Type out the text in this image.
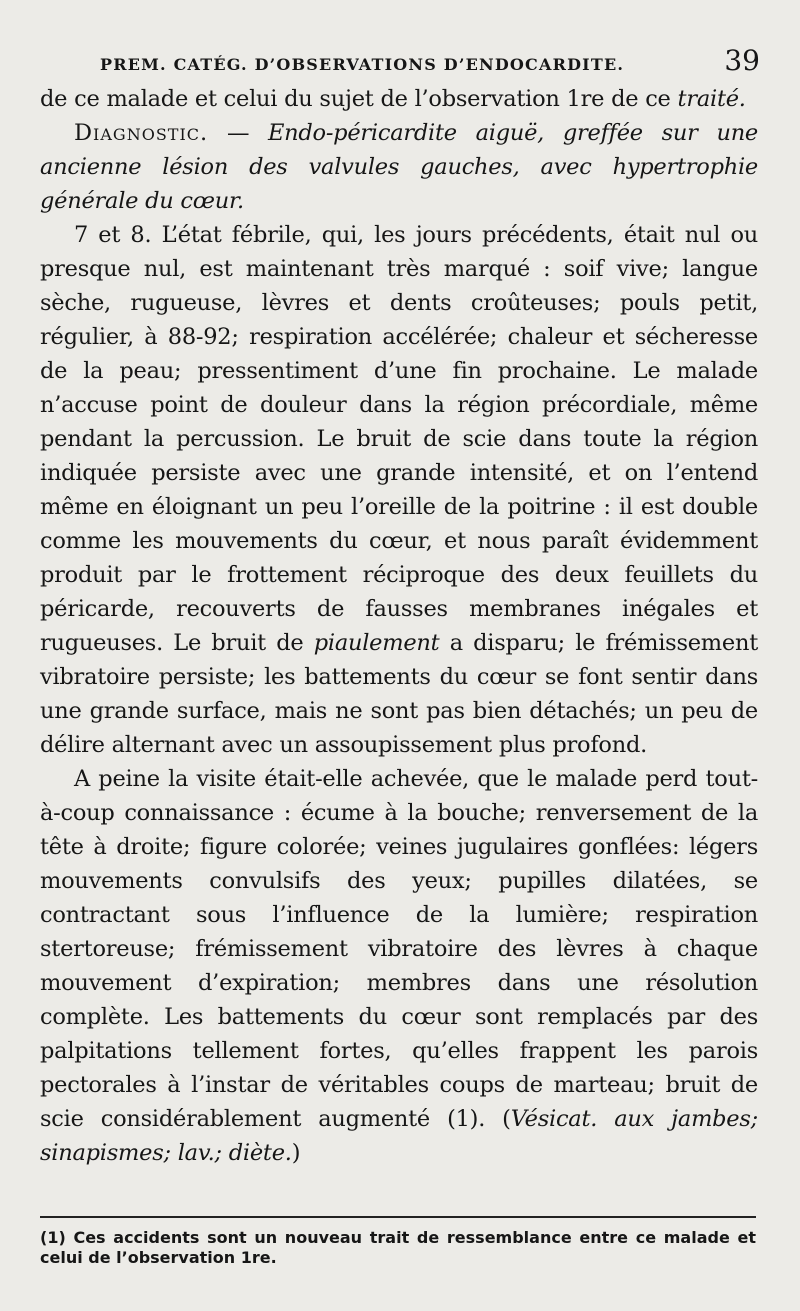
PREM. CATÉG. D’OBSERVATIONS D’ENDOCARDITE.	39

de ce malade et celui du sujet de l’observation 1re de ce traité.

Diagnostic. — Endo-péricardite aiguë, greffée sur une ancienne lésion des valvules gauches, avec hypertrophie générale du cœur.

7 et 8. L’état fébrile, qui, les jours précédents, était nul ou presque nul, est maintenant très marqué : soif vive; langue sèche, rugueuse, lèvres et dents croûteuses; pouls petit, régulier, à 88-92; respiration accélérée; chaleur et sécheresse de la peau; pressentiment d’une fin prochaine. Le malade n’accuse point de douleur dans la région précordiale, même pendant la percussion. Le bruit de scie dans toute la région indiquée persiste avec une grande intensité, et on l’entend même en éloignant un peu l’oreille de la poitrine : il est double comme les mouvements du cœur, et nous paraît évidemment produit par le frottement réciproque des deux feuillets du péricarde, recouverts de fausses membranes inégales et rugueuses. Le bruit de piaulement a disparu; le frémissement vibratoire persiste; les battements du cœur se font sentir dans une grande surface, mais ne sont pas bien détachés; un peu de délire alternant avec un assoupissement plus profond.

A peine la visite était-elle achevée, que le malade perd tout-à-coup connaissance : écume à la bouche; renversement de la tête à droite; figure colorée; veines jugulaires gonflées: légers mouvements convulsifs des yeux; pupilles dilatées, se contractant sous l’influence de la lumière; respiration stertoreuse; frémissement vibratoire des lèvres à chaque mouvement d’expiration; membres dans une résolution complète. Les battements du cœur sont remplacés par des palpitations tellement fortes, qu’elles frappent les parois pectorales à l’instar de véritables coups de marteau; bruit de scie considérablement augmenté (1). (Vésicat. aux jambes; sinapismes; lav.; diète.)

(1) Ces accidents sont un nouveau trait de ressemblance entre ce malade et celui de l’observation 1re.
